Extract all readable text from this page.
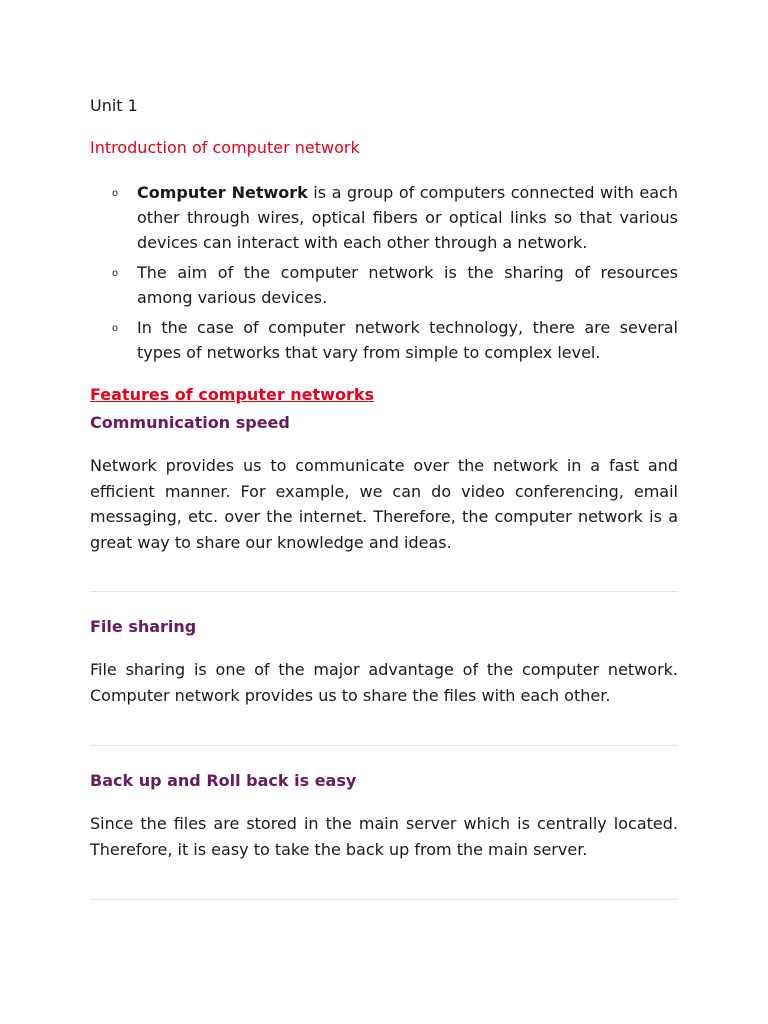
Unit 1
Introduction of computer network
o Computer Network is a group of computers connected with each other through wires, optical fibers or optical links so that various devices can interact with each other through a network.
o The aim of the computer network is the sharing of resources among various devices.
o In the case of computer network technology, there are several types of networks that vary from simple to complex level.
Features of computer networks
Communication speed
Network provides us to communicate over the network in a fast and efficient manner. For example, we can do video conferencing, email messaging, etc. over the internet. Therefore, the computer network is a great way to share our knowledge and ideas.
File sharing
File sharing is one of the major advantage of the computer network. Computer network provides us to share the files with each other.
Back up and Roll back is easy
Since the files are stored in the main server which is centrally located. Therefore, it is easy to take the back up from the main server.
